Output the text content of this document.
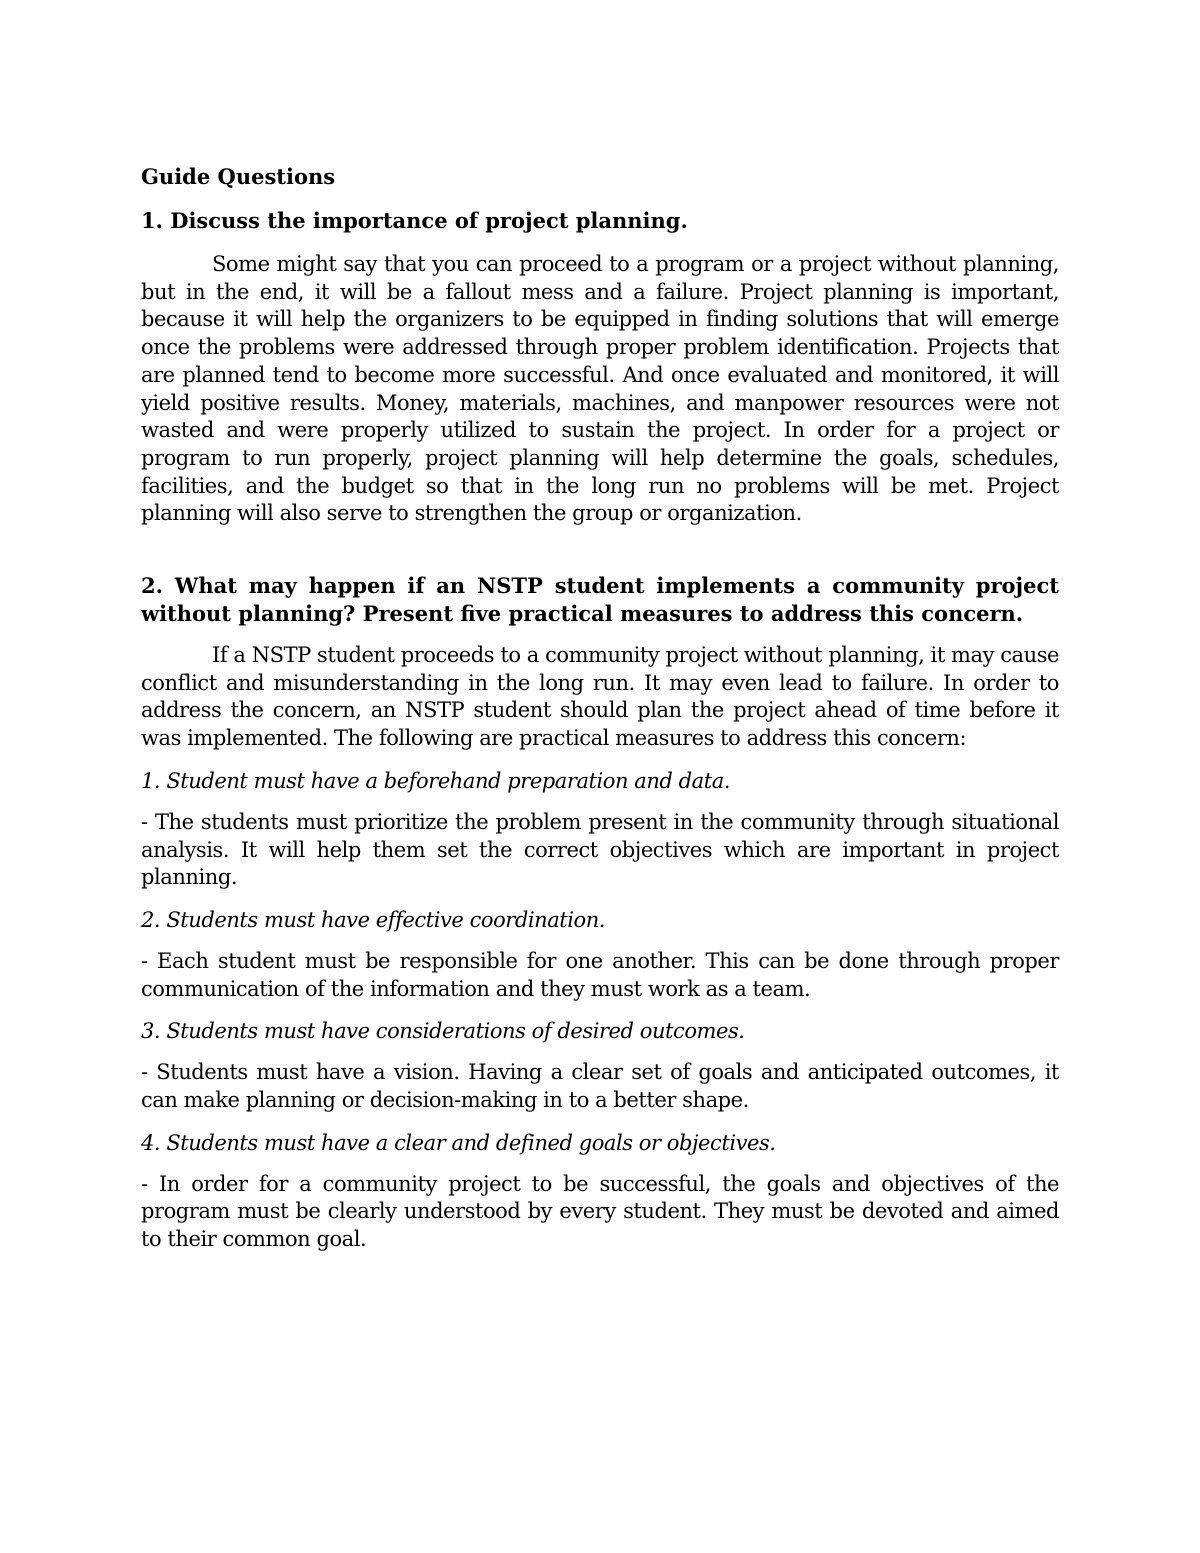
Guide Questions

1. Discuss the importance of project planning.

Some might say that you can proceed to a program or a project without planning, but in the end, it will be a fallout mess and a failure. Project planning is important, because it will help the organizers to be equipped in finding solutions that will emerge once the problems were addressed through proper problem identification. Projects that are planned tend to become more successful. And once evaluated and monitored, it will yield positive results. Money, materials, machines, and manpower resources were not wasted and were properly utilized to sustain the project. In order for a project or program to run properly, project planning will help determine the goals, schedules, facilities, and the budget so that in the long run no problems will be met. Project planning will also serve to strengthen the group or organization.

2. What may happen if an NSTP student implements a community project

without planning? Present five practical measures to address this concern.

If a NSTP student proceeds to a community project without planning, it may cause conflict and misunderstanding in the long run. It may even lead to failure. In order to address the concern, an NSTP student should plan the project ahead of time before it was implemented. The following are practical measures to address this concern:

1. Student must have a beforehand preparation and data.

- The students must prioritize the problem present in the community through situational analysis. It will help them set the correct objectives which are important in project planning.

2. Students must have effective coordination.

- Each student must be responsible for one another. This can be done through proper communication of the information and they must work as a team.

3. Students must have considerations of desired outcomes.

- Students must have a vision. Having a clear set of goals and anticipated outcomes, it can make planning or decision-making in to a better shape.

4. Students must have a clear and defined goals or objectives.

- In order for a community project to be successful, the goals and objectives of the program must be clearly understood by every student. They must be devoted and aimed to their common goal.
